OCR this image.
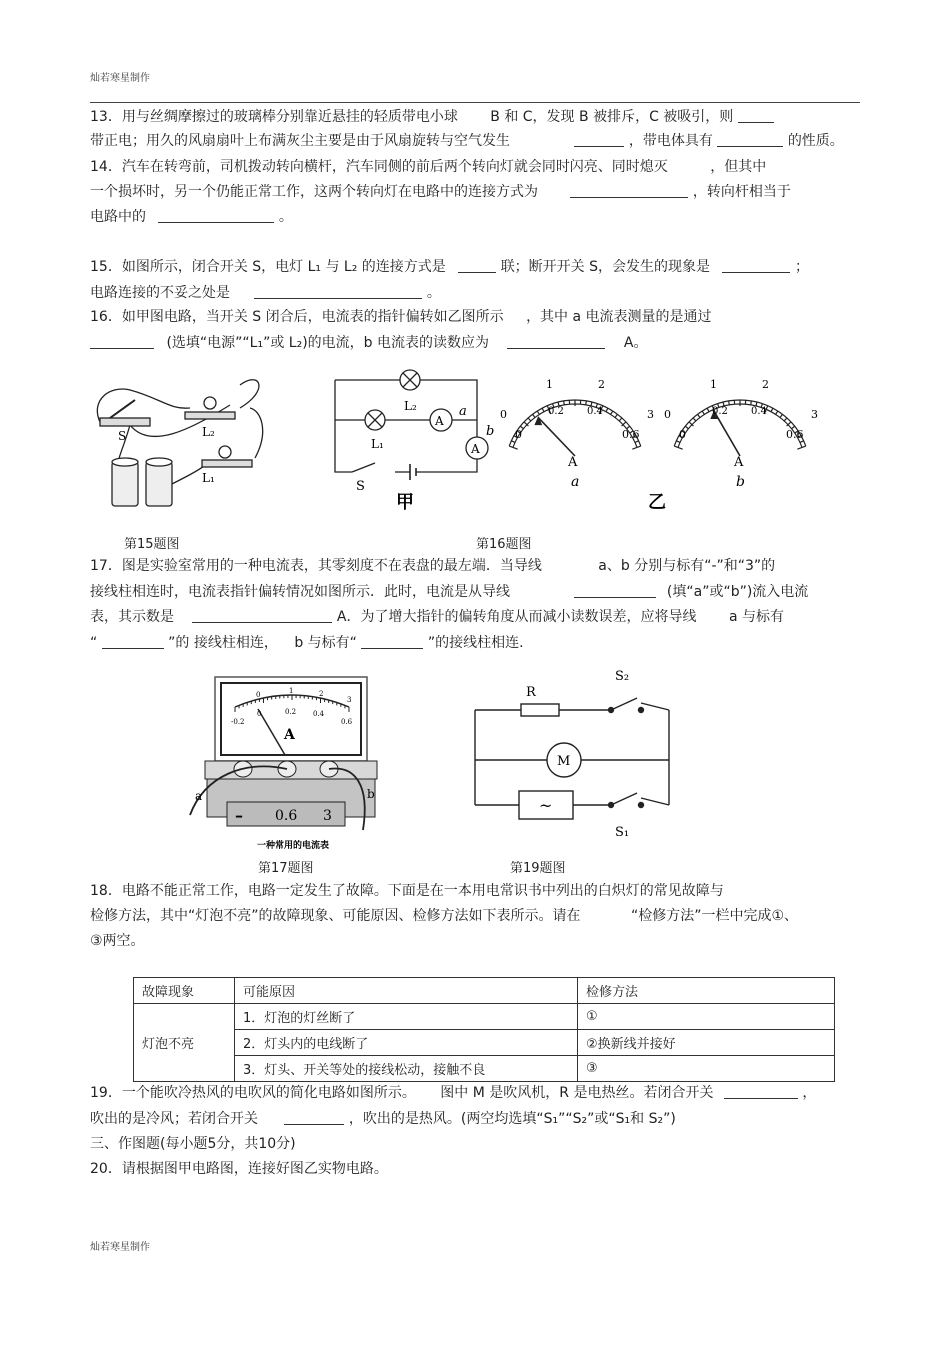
灿若寒星制作
13．用与丝绸摩擦过的玻璃棒分别靠近悬挂的轻质带电小球 B 和 C，发现 B 被排斥，C 被吸引，则
带正电；用久的风扇扇叶上布满灰尘主要是由于风扇旋转与空气发生	，带电体具有	的性质。
14．汽车在转弯前，司机拨动转向横杆，汽车同侧的前后两个转向灯就会同时闪亮、同时熄灭	，但其中
一个损坏时，另一个仍能正常工作，这两个转向灯在电路中的连接方式为	，转向杆相当于
电路中的	。
15．如图所示，闭合开关 S，电灯 L₁ 与 L₂ 的连接方式是	联；断开开关 S，会发生的现象是	；
电路连接的不妥之处是	。
16．如甲图电路，当开关 S 闭合后，电流表的指针偏转如乙图所示 ，其中 a 电流表测量的是通过
(选填“电源”“L₁”或 L₂)的电流，b 电流表的读数应为	A。
S	L₂
L₁
L₂
L₁
A
A
a
b
S
甲
1	2
0	3
0.2 0.4
0	0.6
A
a
1	2
0	3
0.2 0.4
0	0.6
A
b
乙
第15题图	第16题图
17．图是实验室常用的一种电流表，其零刻度不在表盘的最左端．当导线	a、b 分别与标有“-”和“3”的
接线柱相连时，电流表指针偏转情况如图所示．此时，电流是从导线	(填“a”或“b”)流入电流
表，其示数是	A．为了增大指针的偏转角度从而减小读数误差，应将导线 a 与标有
“	”的 接线柱相连， b 与标有“	”的接线柱相连.
0	1	2
3
-0.2
0	0.2 0.4
0.6
A
– 0.6 3
a	b
一种常用的电流表
R
M
~
S₂
S₁
第17题图	第19题图
18．电路不能正常工作，电路一定发生了故障。下面是在一本用电常识书中列出的白炽灯的常见故障与
检修方法，其中“灯泡不亮”的故障现象、可能原因、检修方法如下表所示。请在	“检修方法”一栏中完成①、
③两空。
故障现象	可能原因	检修方法
灯泡不亮	1．灯泡的灯丝断了	①
	2．灯头内的电线断了	②换新线并接好
	3．灯头、开关等处的接线松动，接触不良	③
19．一个能吹冷热风的电吹风的简化电路如图所示。 图中 M 是吹风机，R 是电热丝。若闭合开关	，
吹出的是冷风；若闭合开关	，吹出的是热风。(两空均选填“S₁”“S₂”或“S₁和 S₂”)
三、作图题(每小题5分，共10分)
20．请根据图甲电路图，连接好图乙实物电路。
灿若寒星制作
